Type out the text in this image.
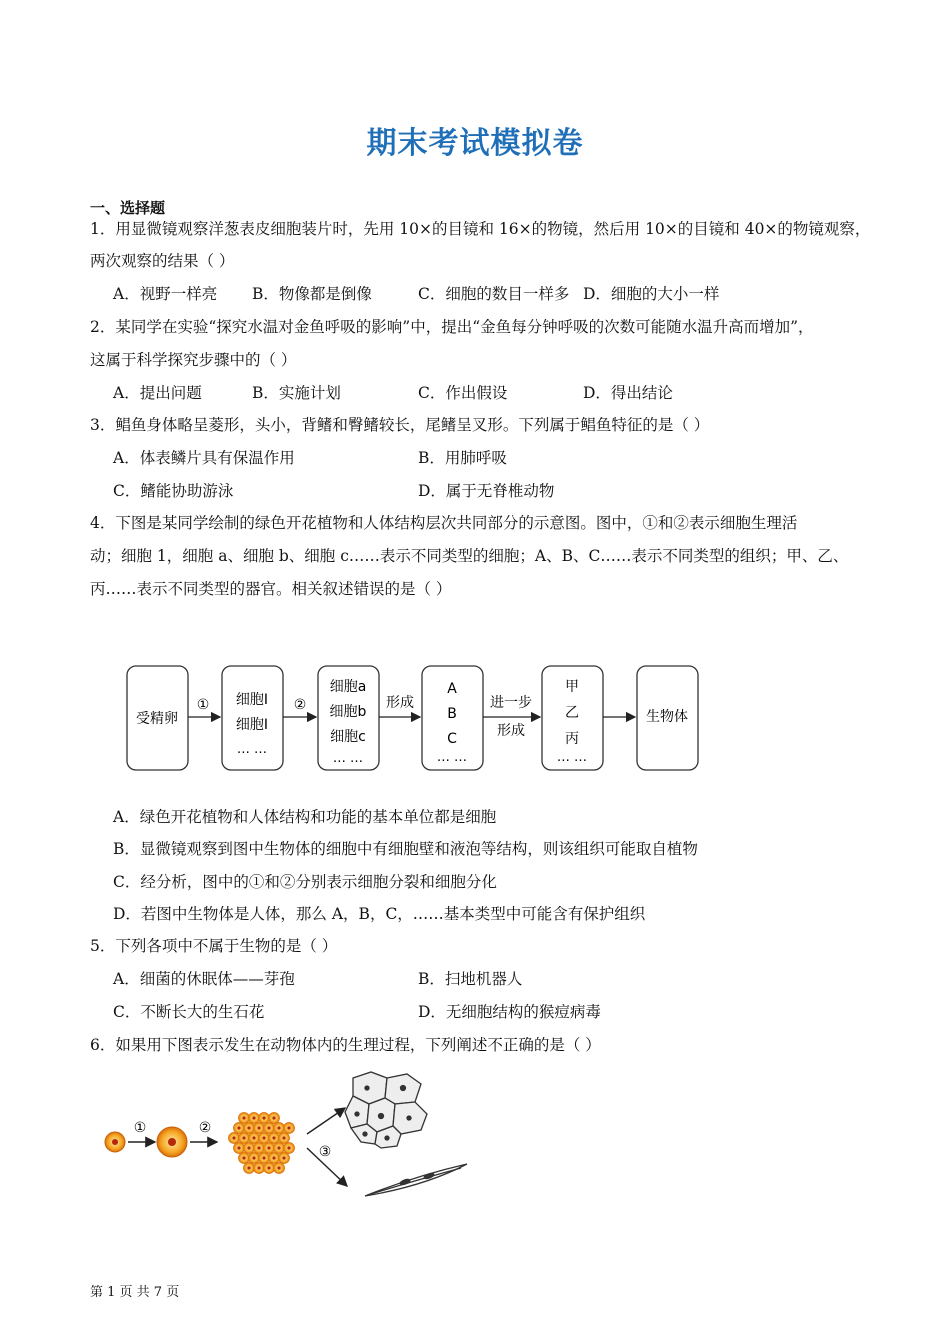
期末考试模拟卷
一、选择题
1．用显微镜观察洋葱表皮细胞装片时，先用 10×的目镜和 16×的物镜，然后用 10×的目镜和 40×的物镜观察，
两次观察的结果（ ）
A．视野一样亮 B．物像都是倒像	C．细胞的数目一样多 D．细胞的大小一样
2．某同学在实验“探究水温对金鱼呼吸的影响”中，提出“金鱼每分钟呼吸的次数可能随水温升高而增加”，
这属于科学探究步骤中的（ ）
A．提出问题	B．实施计划	C．作出假设	D．得出结论
3．鲳鱼身体略呈菱形，头小，背鳍和臀鳍较长，尾鳍呈叉形。下列属于鲳鱼特征的是（ ）
A．体表鳞片具有保温作用	B．用肺呼吸
C．鳍能协助游泳	D．属于无脊椎动物
4．下图是某同学绘制的绿色开花植物和人体结构层次共同部分的示意图。图中，①和②表示细胞生理活
动；细胞 1，细胞 a、细胞 b、细胞 c……表示不同类型的细胞；A、B、C……表示不同类型的组织；甲、乙、
丙……表示不同类型的器官。相关叙述错误的是（ ）
受精卵
① 细胞Ⅰ
细胞Ⅰ
… …
②
细胞a
细胞b
细胞c
… …
形成
A
B
C
… …
进一步
形成
甲
乙
丙
… …
生物体
A．绿色开花植物和人体结构和功能的基本单位都是细胞
B．显微镜观察到图中生物体的细胞中有细胞壁和液泡等结构，则该组织可能取自植物
C．经分析，图中的①和②分别表示细胞分裂和细胞分化
D．若图中生物体是人体，那么 A，B，C，……基本类型中可能含有保护组织
5．下列各项中不属于生物的是（ ）
A．细菌的休眠体——芽孢	B．扫地机器人
C．不断长大的生石花	D．无细胞结构的猴痘病毒
6．如果用下图表示发生在动物体内的生理过程，下列阐述不正确的是（ ）
①	②
③
第 1 页 共 7 页
